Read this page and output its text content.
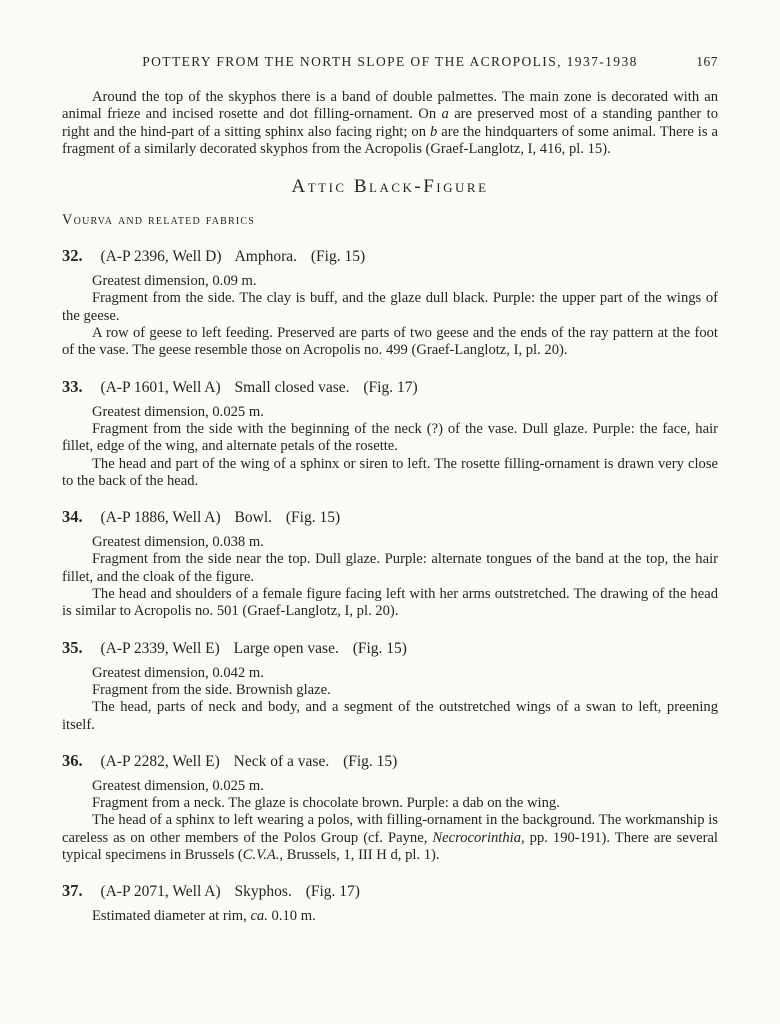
POTTERY FROM THE NORTH SLOPE OF THE ACROPOLIS, 1937-1938	167

Around the top of the skyphos there is a band of double palmettes. The main zone is decorated with an animal frieze and incised rosette and dot filling-ornament. On a are preserved most of a standing panther to right and the hind-part of a sitting sphinx also facing right; on b are the hindquarters of some animal. There is a fragment of a similarly decorated skyphos from the Acropolis (Graef-Langlotz, I, 416, pl. 15).

Attic Black-Figure
Vourva and related fabrics
32. (A-P 2396, Well D) Amphora. (Fig. 15)

Greatest dimension, 0.09 m.

Fragment from the side. The clay is buff, and the glaze dull black. Purple: the upper part of the wings of the geese.

A row of geese to left feeding. Preserved are parts of two geese and the ends of the ray pattern at the foot of the vase. The geese resemble those on Acropolis no. 499 (Graef-Langlotz, I, pl. 20).

33. (A-P 1601, Well A) Small closed vase. (Fig. 17)

Greatest dimension, 0.025 m.

Fragment from the side with the beginning of the neck (?) of the vase. Dull glaze. Purple: the face, hair fillet, edge of the wing, and alternate petals of the rosette.

The head and part of the wing of a sphinx or siren to left. The rosette filling-ornament is drawn very close to the back of the head.

34. (A-P 1886, Well A) Bowl. (Fig. 15)

Greatest dimension, 0.038 m.

Fragment from the side near the top. Dull glaze. Purple: alternate tongues of the band at the top, the hair fillet, and the cloak of the figure.

The head and shoulders of a female figure facing left with her arms outstretched. The drawing of the head is similar to Acropolis no. 501 (Graef-Langlotz, I, pl. 20).

35. (A-P 2339, Well E) Large open vase. (Fig. 15)

Greatest dimension, 0.042 m.

Fragment from the side. Brownish glaze.

The head, parts of neck and body, and a segment of the outstretched wings of a swan to left, preening itself.

36. (A-P 2282, Well E) Neck of a vase. (Fig. 15)

Greatest dimension, 0.025 m.

Fragment from a neck. The glaze is chocolate brown. Purple: a dab on the wing.

The head of a sphinx to left wearing a polos, with filling-ornament in the background. The workmanship is careless as on other members of the Polos Group (cf. Payne, Necrocorinthia, pp. 190-191). There are several typical specimens in Brussels (C.V.A., Brussels, 1, III H d, pl. 1).

37. (A-P 2071, Well A) Skyphos. (Fig. 17)

Estimated diameter at rim, ca. 0.10 m.
